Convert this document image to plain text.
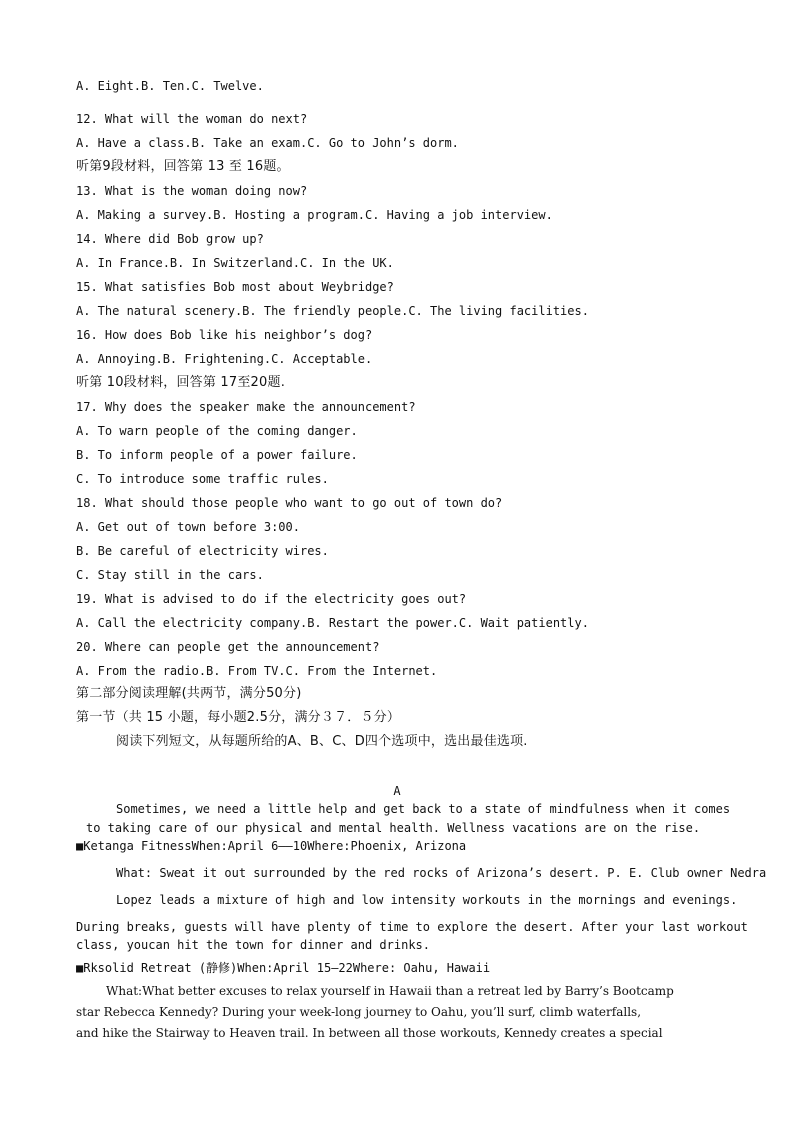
A. Eight.B. Ten.C. Twelve.
12. What will the woman do next?
A. Have a class.B. Take an exam.C. Go to John’s dorm.
听第9段材料，回答第 13 至 16题。
13. What is the woman doing now?
A. Making a survey.B. Hosting a program.C. Having a job interview.
14. Where did Bob grow up?
A. In France.B. In Switzerland.C. In the UK.
15. What satisfies Bob most about Weybridge?
A. The natural scenery.B. The friendly people.C. The living facilities.
16. How does Bob like his neighbor’s dog?
A. Annoying.B. Frightening.C. Acceptable.
听第 10段材料，回答第 17至20题.
17. Why does the speaker make the announcement?
A. To warn people of the coming danger.
B. To inform people of a power failure.
C. To introduce some traffic rules.
18. What should those people who want to go out of town do?
A. Get out of town before 3:00.
B. Be careful of electricity wires.
C. Stay still in the cars.
19. What is advised to do if the electricity goes out?
A. Call the electricity company.B. Restart the power.C. Wait patiently.
20. Where can people get the announcement?
A. From the radio.B. From TV.C. From the Internet.
第二部分阅读理解(共两节，满分50分)
第一节（共 15 小题，每小题2.5分，满分３７．５分）
阅读下列短文，从每题所给的A、B、C、D四个选项中，选出最佳选项.
A
Sometimes, we need a little help and get back to a state of mindfulness when it comes
to taking care of our physical and mental health. Wellness vacations are on the rise.
■Ketanga FitnessWhen:April 6——10Where:Phoenix, Arizona
What: Sweat it out surrounded by the red rocks of Arizona’s desert. P. E. Club owner Nedra
Lopez leads a mixture of high and low intensity workouts in the mornings and evenings.
During breaks, guests will have plenty of time to explore the desert. After your last workout
class, youcan hit the town for dinner and drinks.
■Rksolid Retreat (静修)When:April 15—22Where: Oahu, Hawaii
What:What better excuses to relax yourself in Hawaii than a retreat led by Barry’s Bootcamp
star Rebecca Kennedy? During your week-long journey to Oahu, you’ll surf, climb waterfalls,
and hike the Stairway to Heaven trail. In between all those workouts, Kennedy creates a special
